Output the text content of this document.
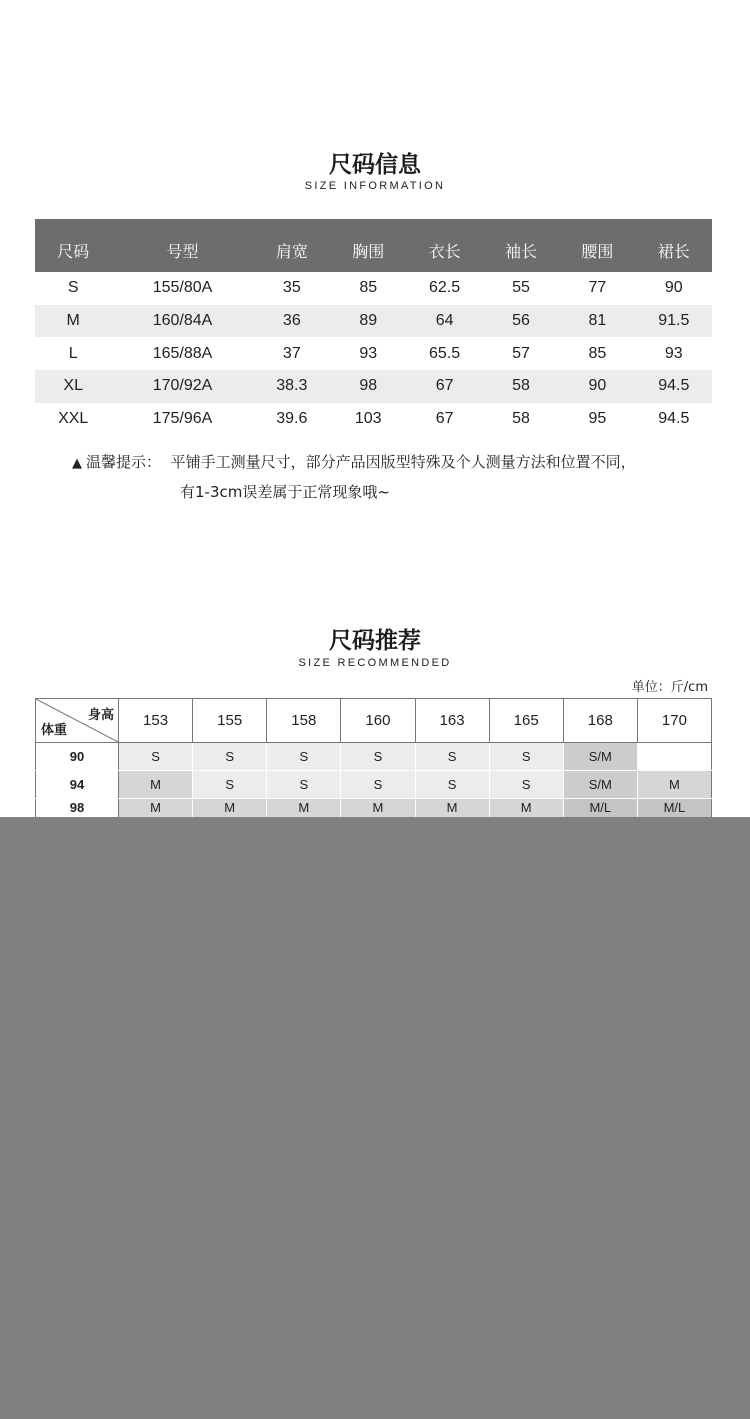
尺码信息
SIZE INFORMATION
尺码	号型	肩宽	胸围	衣长	袖长	腰围	裙长
S	155/80A	35	85	62.5	55	77	90
M	160/84A	36	89	64	56	81	91.5
L	165/88A	37	93	65.5	57	85	93
XL	170/92A	38.3	98	67	58	90	94.5
XXL	175/96A	39.6	103	67	58	95	94.5
▲ 温馨提示： 平铺手工测量尺寸，部分产品因版型特殊及个人测量方法和位置不同，
有1-3cm误差属于正常现象哦~
尺码推荐
SIZE RECOMMENDED
单位：斤/cm
身高
体重	153	155	158	160	163	165	168	170
90	S	S	S	S	S	S	S/M	
94	M	S	S	S	S	S	S/M	M
98	M	M	M	M	M	M	M/L	M/L
